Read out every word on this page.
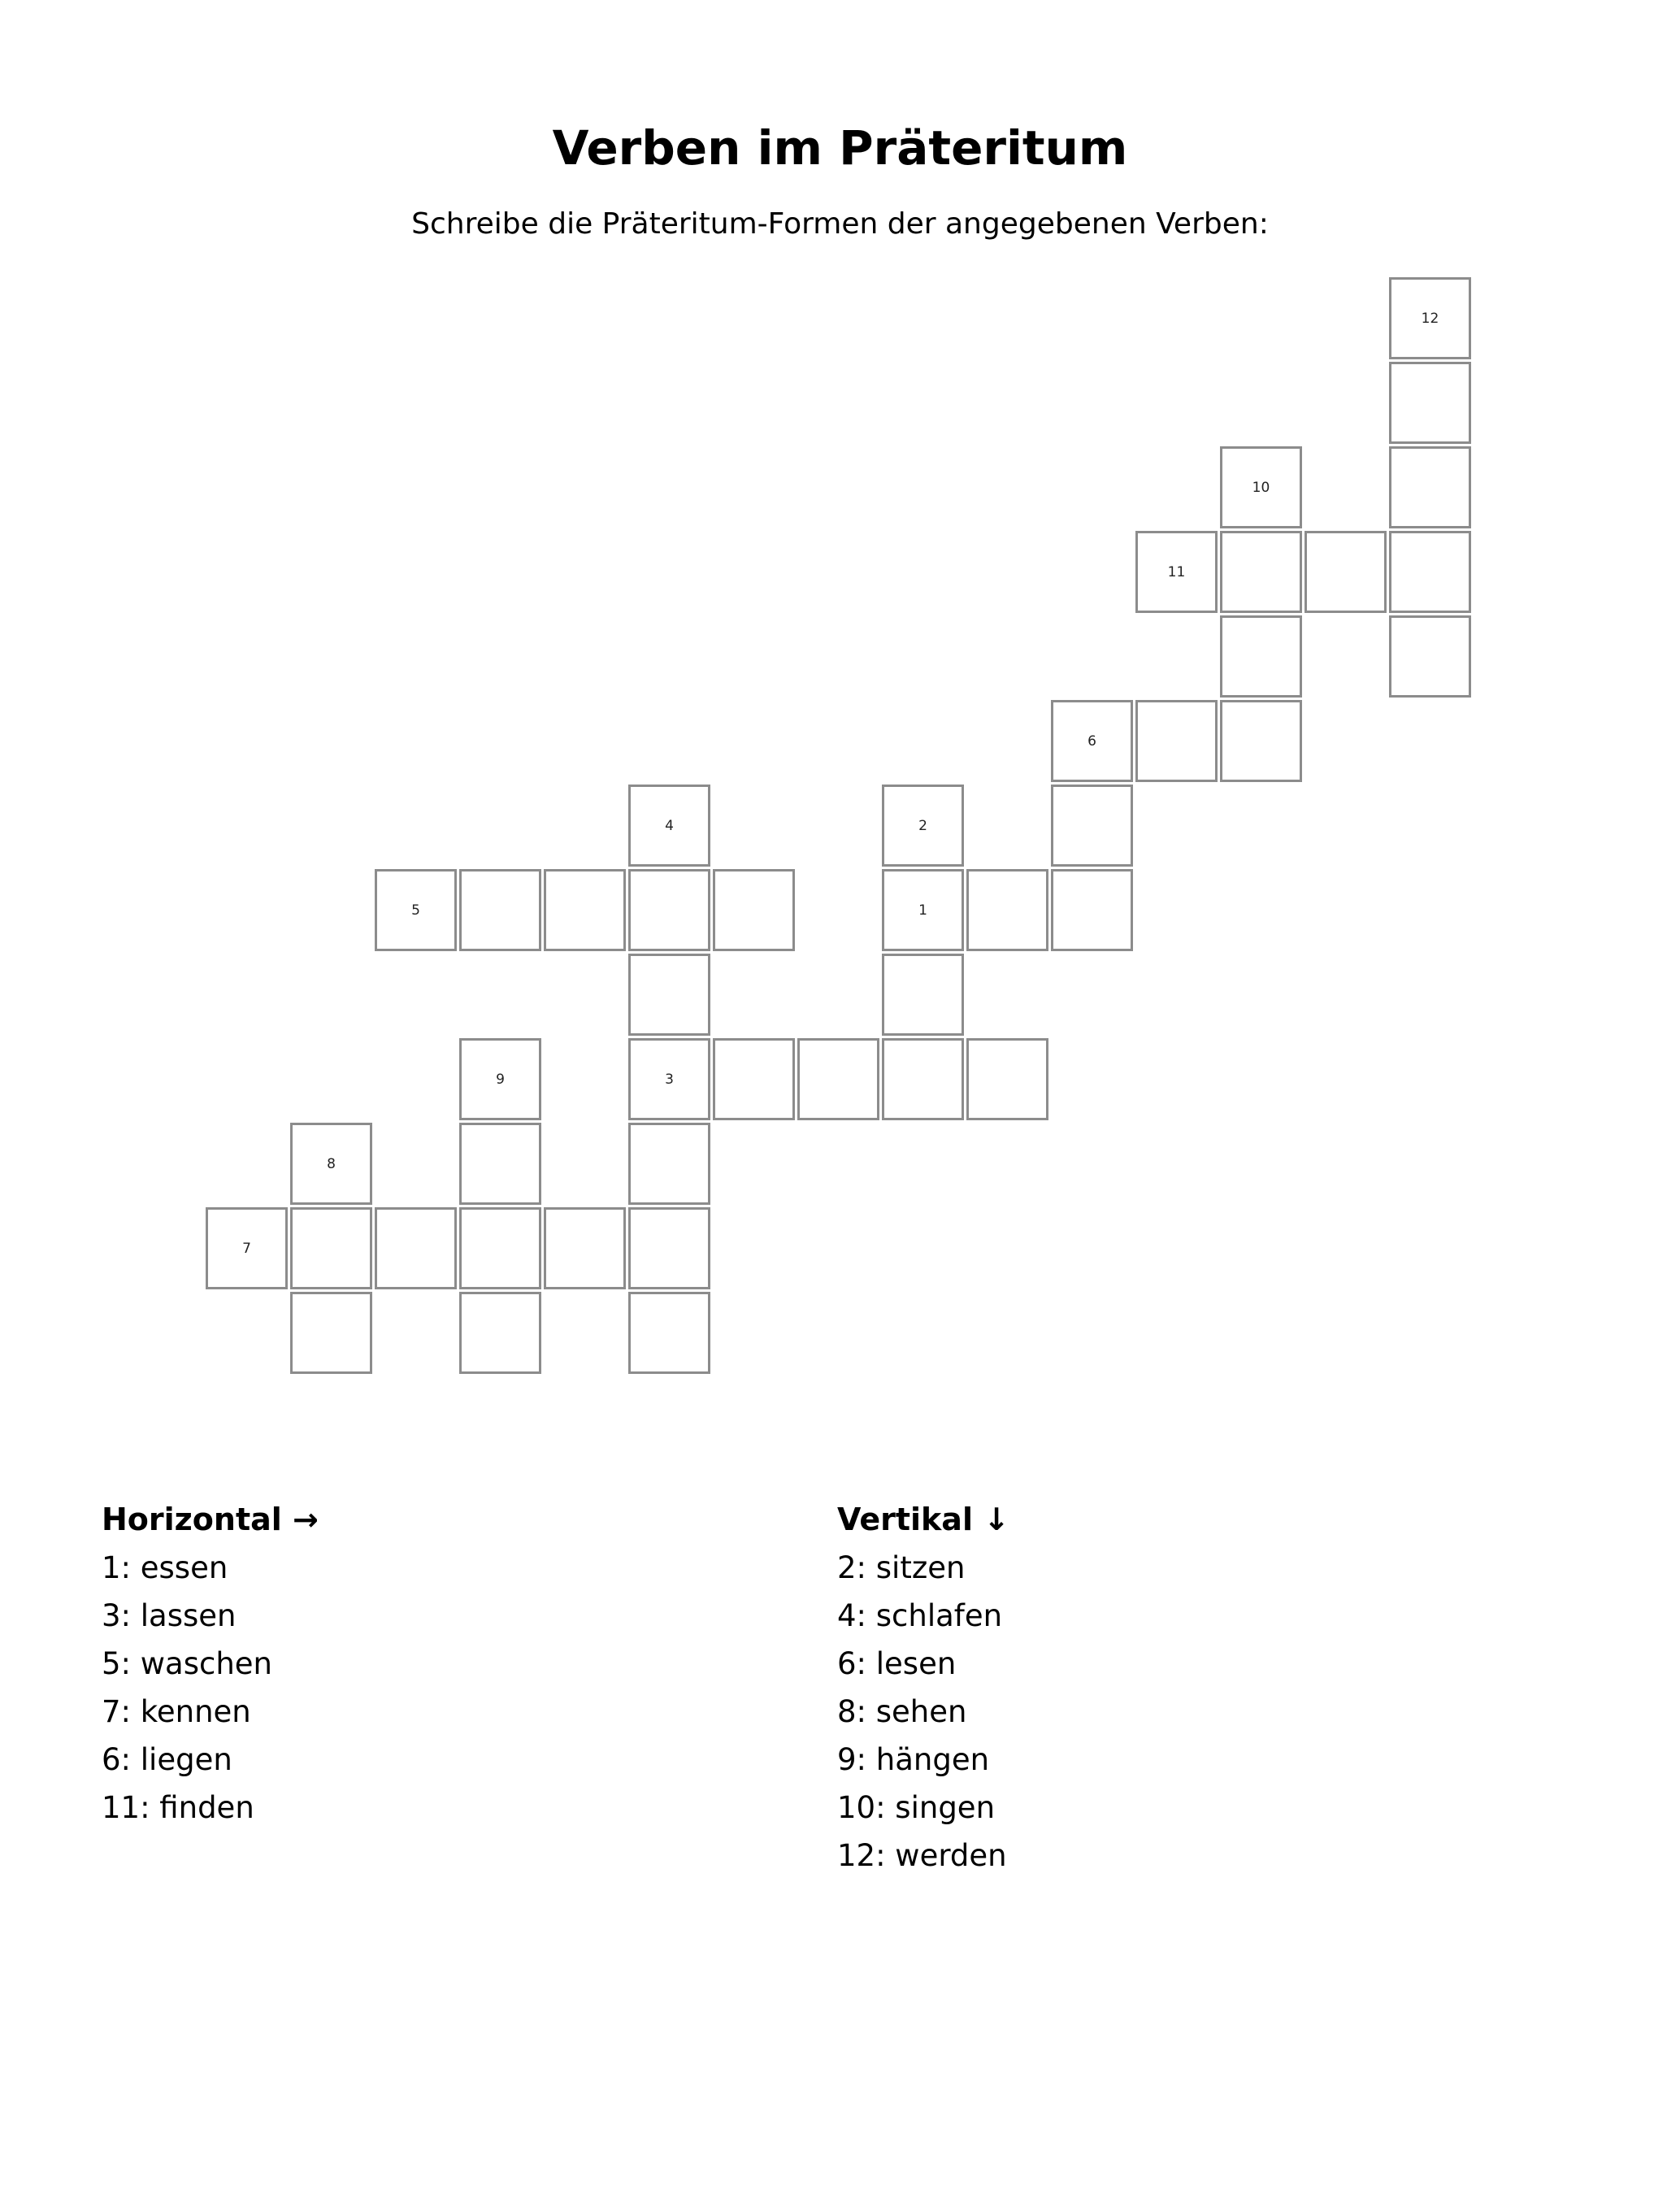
Verben im Präteritum

Schreibe die Präteritum-Formen der angegebenen Verben:

12
10
11
6
4	2
5	1
9	3
8
7
Horizontal →
1: essen
3: lassen
5: waschen
7: kennen
6: liegen
11: finden
Vertikal ↓
2: sitzen
4: schlafen
6: lesen
8: sehen
9: hängen
10: singen
12: werden
